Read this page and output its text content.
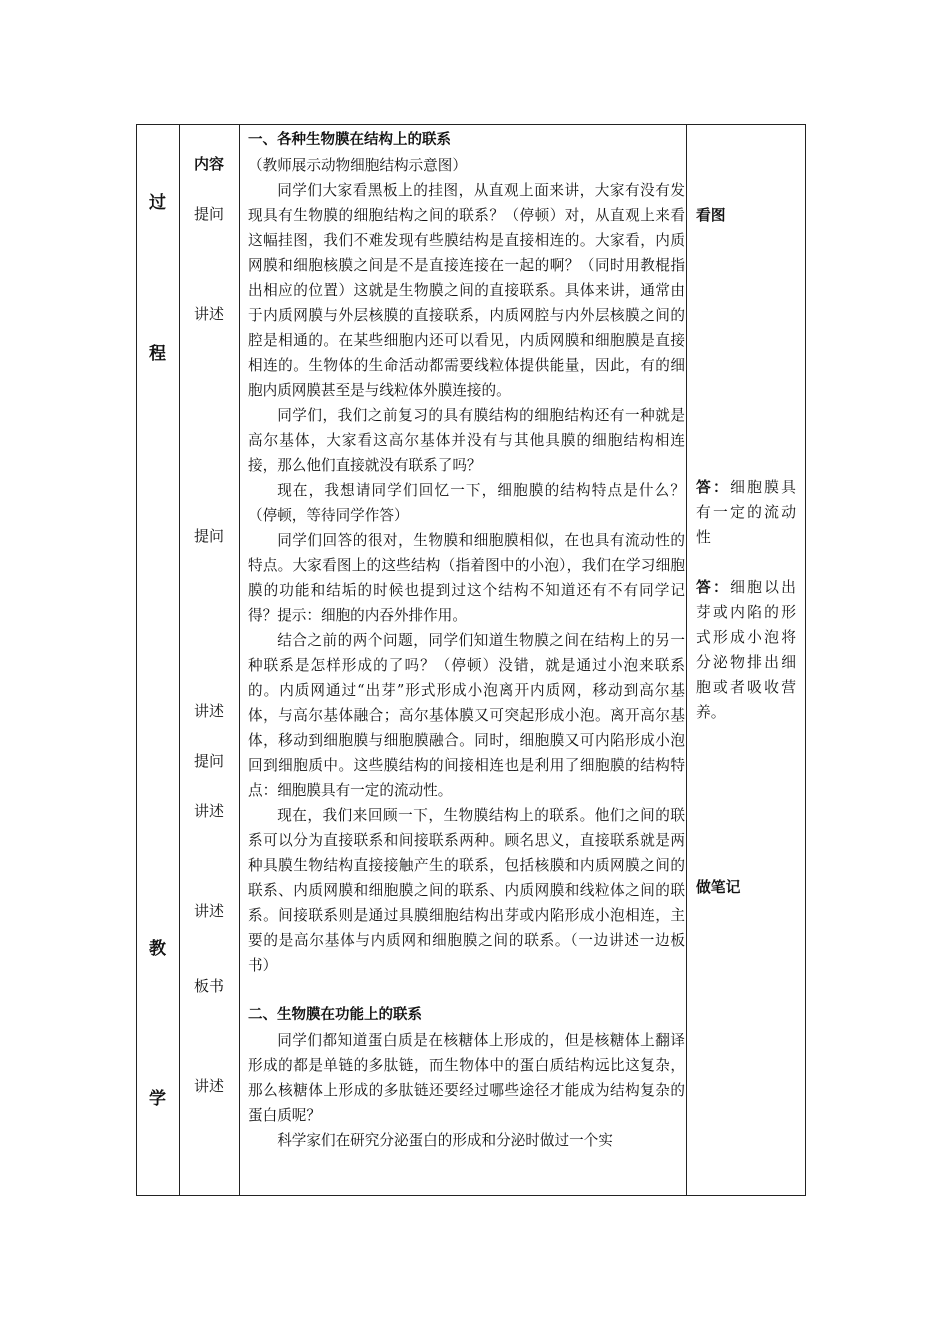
过
程
教
学
内容
提问
讲述
提问
讲述
提问
讲述
讲述
板书
讲述

一、各种生物膜在结构上的联系

（教师展示动物细胞结构示意图）

同学们大家看黑板上的挂图，从直观上面来讲，大家有没有发现具有生物膜的细胞结构之间的联系？（停顿）对，从直观上来看这幅挂图，我们不难发现有些膜结构是直接相连的。大家看，内质网膜和细胞核膜之间是不是直接连接在一起的啊？（同时用教棍指出相应的位置）这就是生物膜之间的直接联系。具体来讲，通常由于内质网膜与外层核膜的直接联系，内质网腔与内外层核膜之间的腔是相通的。在某些细胞内还可以看见，内质网膜和细胞膜是直接相连的。生物体的生命活动都需要线粒体提供能量，因此，有的细胞内质网膜甚至是与线粒体外膜连接的。

同学们，我们之前复习的具有膜结构的细胞结构还有一种就是高尔基体，大家看这高尔基体并没有与其他具膜的细胞结构相连接，那么他们直接就没有联系了吗？

现在，我想请同学们回忆一下，细胞膜的结构特点是什么？（停顿，等待同学作答）

同学们回答的很对，生物膜和细胞膜相似，在也具有流动性的特点。大家看图上的这些结构（指着图中的小泡），我们在学习细胞膜的功能和结垢的时候也提到过这个结构不知道还有不有同学记得？提示：细胞的内吞外排作用。

结合之前的两个问题，同学们知道生物膜之间在结构上的另一种联系是怎样形成的了吗？（停顿）没错，就是通过小泡来联系的。内质网通过“出芽”形式形成小泡离开内质网，移动到高尔基体，与高尔基体融合；高尔基体膜又可突起形成小泡。离开高尔基体，移动到细胞膜与细胞膜融合。同时，细胞膜又可内陷形成小泡回到细胞质中。这些膜结构的间接相连也是利用了细胞膜的结构特点：细胞膜具有一定的流动性。

现在，我们来回顾一下，生物膜结构上的联系。他们之间的联系可以分为直接联系和间接联系两种。顾名思义，直接联系就是两种具膜生物结构直接接触产生的联系，包括核膜和内质网膜之间的联系、内质网膜和细胞膜之间的联系、内质网膜和线粒体之间的联系。间接联系则是通过具膜细胞结构出芽或内陷形成小泡相连，主要的是高尔基体与内质网和细胞膜之间的联系。（一边讲述一边板书）

二、生物膜在功能上的联系

同学们都知道蛋白质是在核糖体上形成的，但是核糖体上翻译形成的都是单链的多肽链，而生物体中的蛋白质结构远比这复杂，那么核糖体上形成的多肽链还要经过哪些途径才能成为结构复杂的蛋白质呢？

科学家们在研究分泌蛋白的形成和分泌时做过一个实

看图
答：细胞膜具有一定的流动性
答：细胞以出芽或内陷的形式形成小泡将分泌物排出细胞或者吸收营养。
做笔记
